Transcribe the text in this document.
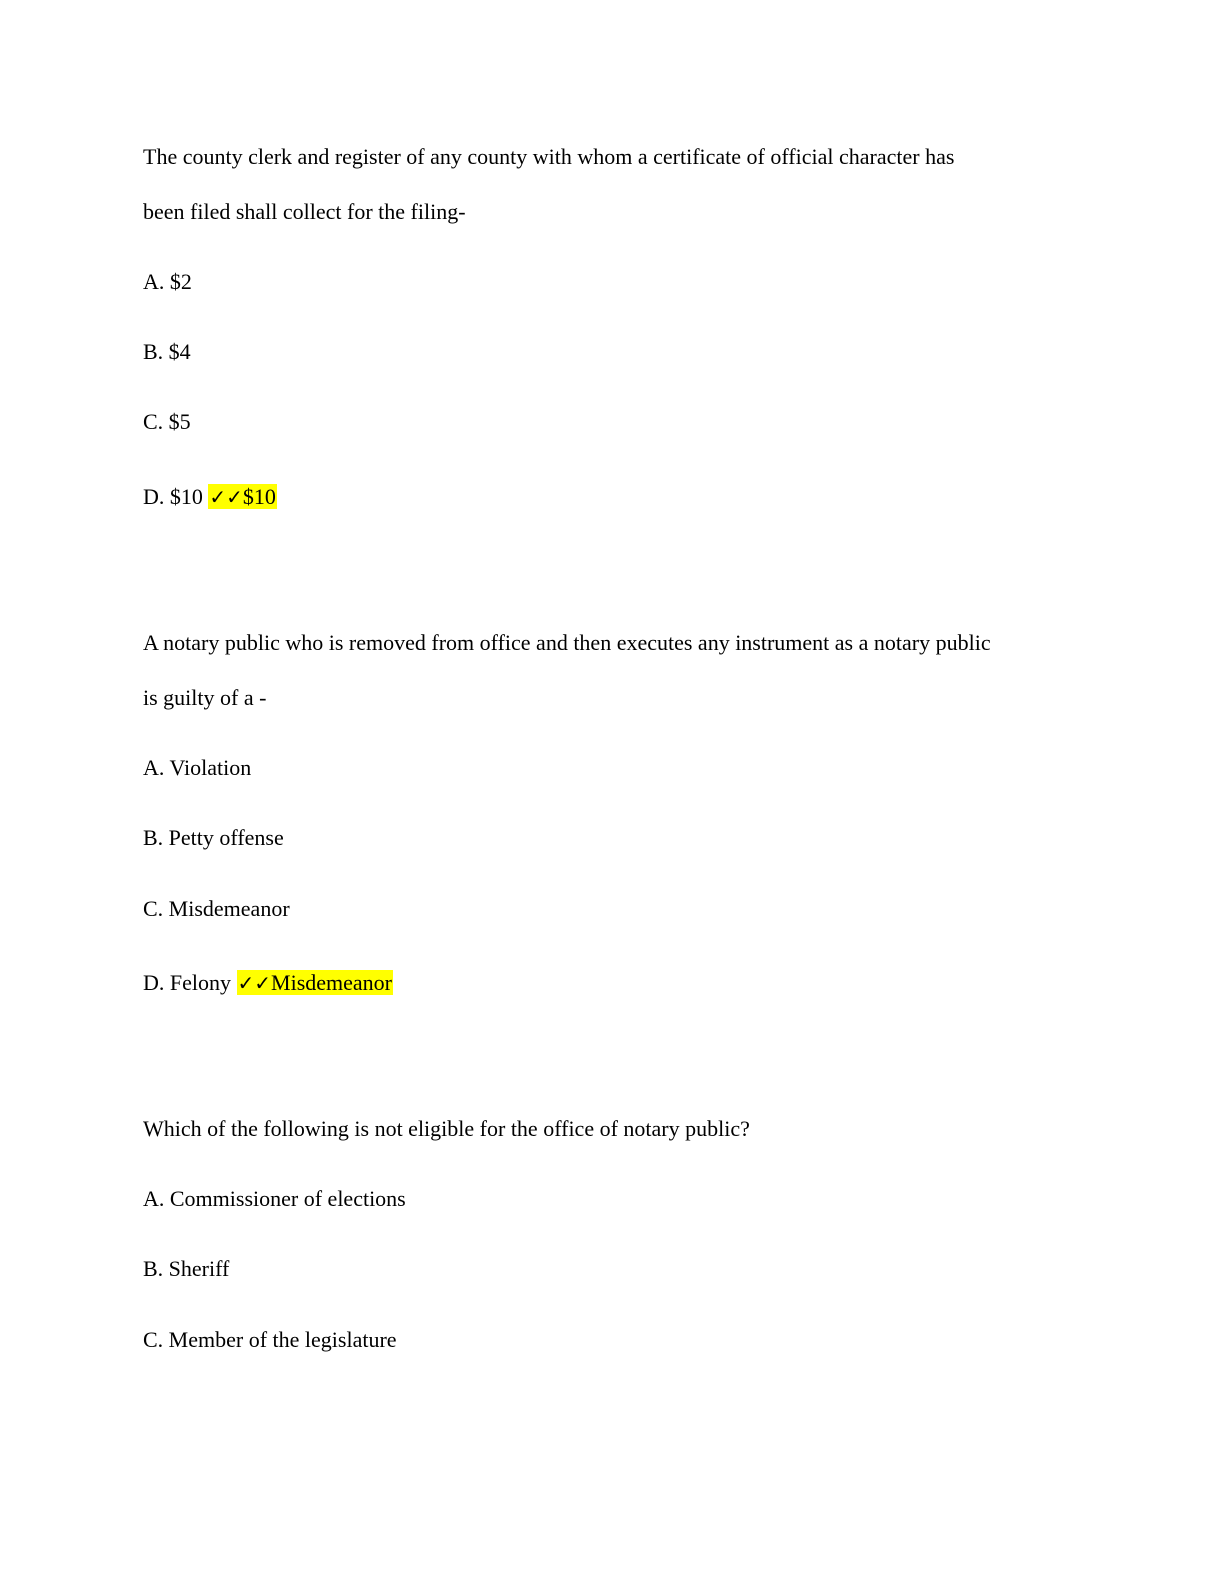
The county clerk and register of any county with whom a certificate of official character has
been filed shall collect for the filing-
A. $2
B. $4
C. $5
D. $10 ✓✓$10
A notary public who is removed from office and then executes any instrument as a notary public
is guilty of a -
A. Violation
B. Petty offense
C. Misdemeanor
D. Felony ✓✓Misdemeanor
Which of the following is not eligible for the office of notary public?
A. Commissioner of elections
B. Sheriff
C. Member of the legislature
